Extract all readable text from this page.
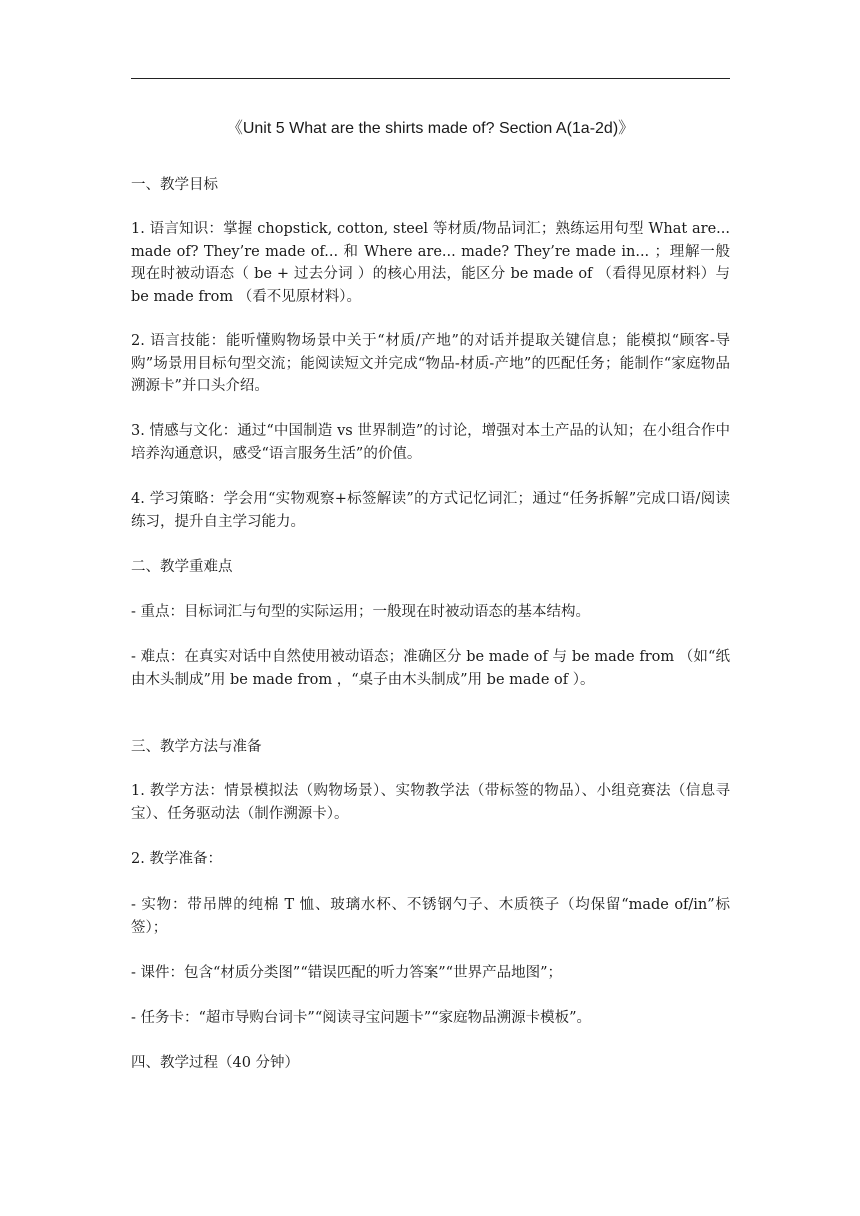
《Unit 5 What are the shirts made of? Section A(1a-2d)》
一、教学目标
1. 语言知识：掌握 chopstick, cotton, steel 等材质/物品词汇；熟练运用句型 What are... made of? They’re made of... 和 Where are... made? They’re made in... ；理解一般现在时被动语态（ be + 过去分词 ）的核心用法，能区分 be made of （看得见原材料）与 be made from （看不见原材料）。
2. 语言技能：能听懂购物场景中关于“材质/产地”的对话并提取关键信息；能模拟“顾客-导购”场景用目标句型交流；能阅读短文并完成“物品-材质-产地”的匹配任务；能制作“家庭物品溯源卡”并口头介绍。
3. 情感与文化：通过“中国制造 vs 世界制造”的讨论，增强对本土产品的认知；在小组合作中培养沟通意识，感受“语言服务生活”的价值。
4. 学习策略：学会用“实物观察+标签解读”的方式记忆词汇；通过“任务拆解”完成口语/阅读练习，提升自主学习能力。
二、教学重难点
- 重点：目标词汇与句型的实际运用；一般现在时被动语态的基本结构。
- 难点：在真实对话中自然使用被动语态；准确区分 be made of 与 be made from （如“纸由木头制成”用 be made from ，“桌子由木头制成”用 be made of ）。
三、教学方法与准备
1. 教学方法：情景模拟法（购物场景）、实物教学法（带标签的物品）、小组竞赛法（信息寻宝）、任务驱动法（制作溯源卡）。
2. 教学准备：
- 实物：带吊牌的纯棉 T 恤、玻璃水杯、不锈钢勺子、木质筷子（均保留“made of/in”标签）；
- 课件：包含“材质分类图”“错误匹配的听力答案”“世界产品地图”；
- 任务卡：“超市导购台词卡”“阅读寻宝问题卡”“家庭物品溯源卡模板”。
四、教学过程（40 分钟）
